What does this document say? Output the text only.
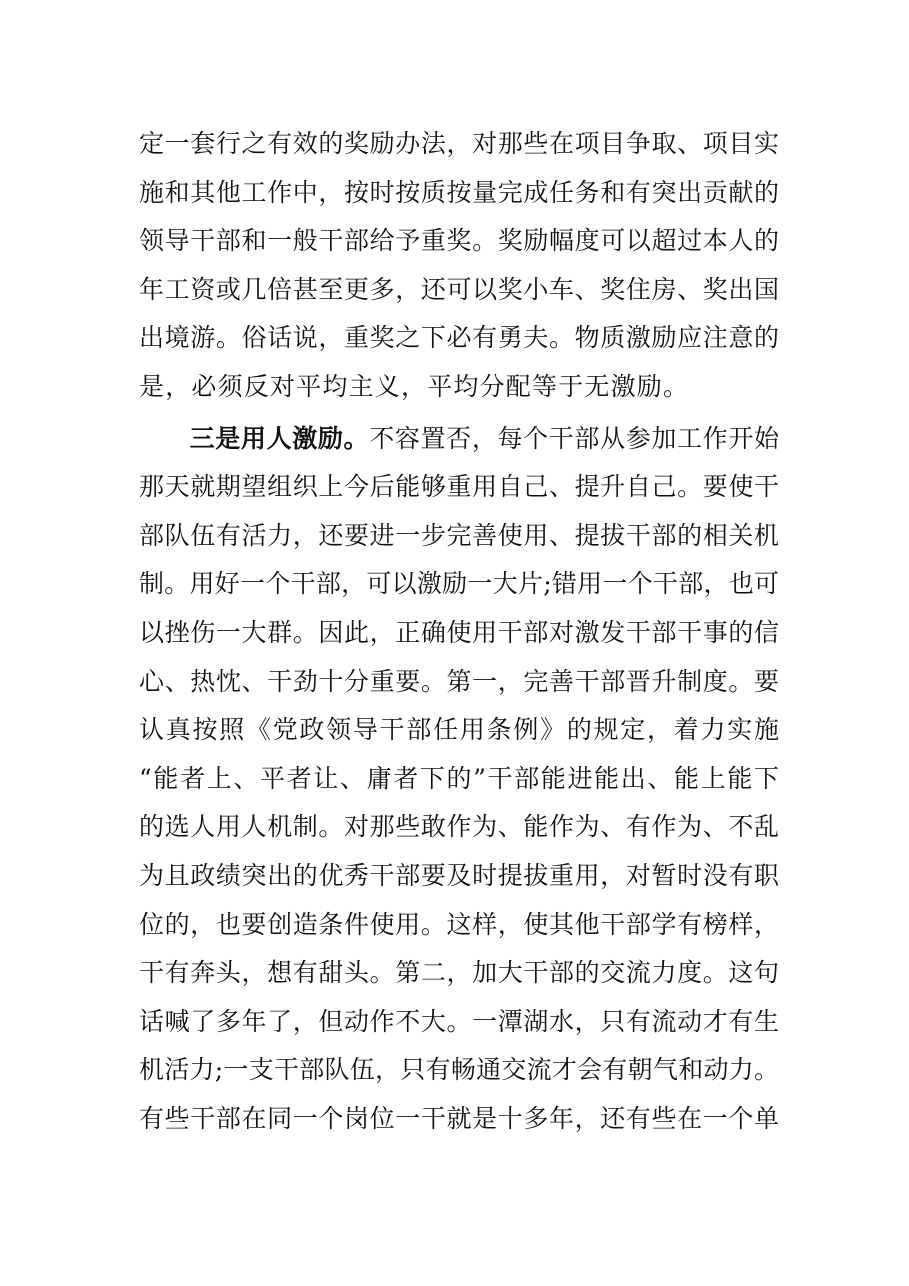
定一套行之有效的奖励办法，对那些在项目争取、项目实
施和其他工作中，按时按质按量完成任务和有突出贡献的
领导干部和一般干部给予重奖。奖励幅度可以超过本人的
年工资或几倍甚至更多，还可以奖小车、奖住房、奖出国
出境游。俗话说，重奖之下必有勇夫。物质激励应注意的
是，必须反对平均主义，平均分配等于无激励。
三是用人激励。不容置否，每个干部从参加工作开始
那天就期望组织上今后能够重用自己、提升自己。要使干
部队伍有活力，还要进一步完善使用、提拔干部的相关机
制。用好一个干部，可以激励一大片;错用一个干部，也可
以挫伤一大群。因此，正确使用干部对激发干部干事的信
心、热忱、干劲十分重要。第一，完善干部晋升制度。要
认真按照《党政领导干部任用条例》的规定，着力实施
“能者上、平者让、庸者下的”干部能进能出、能上能下
的选人用人机制。对那些敢作为、能作为、有作为、不乱
为且政绩突出的优秀干部要及时提拔重用，对暂时没有职
位的，也要创造条件使用。这样，使其他干部学有榜样，
干有奔头，想有甜头。第二，加大干部的交流力度。这句
话喊了多年了，但动作不大。一潭湖水，只有流动才有生
机活力;一支干部队伍，只有畅通交流才会有朝气和动力。
有些干部在同一个岗位一干就是十多年，还有些在一个单
